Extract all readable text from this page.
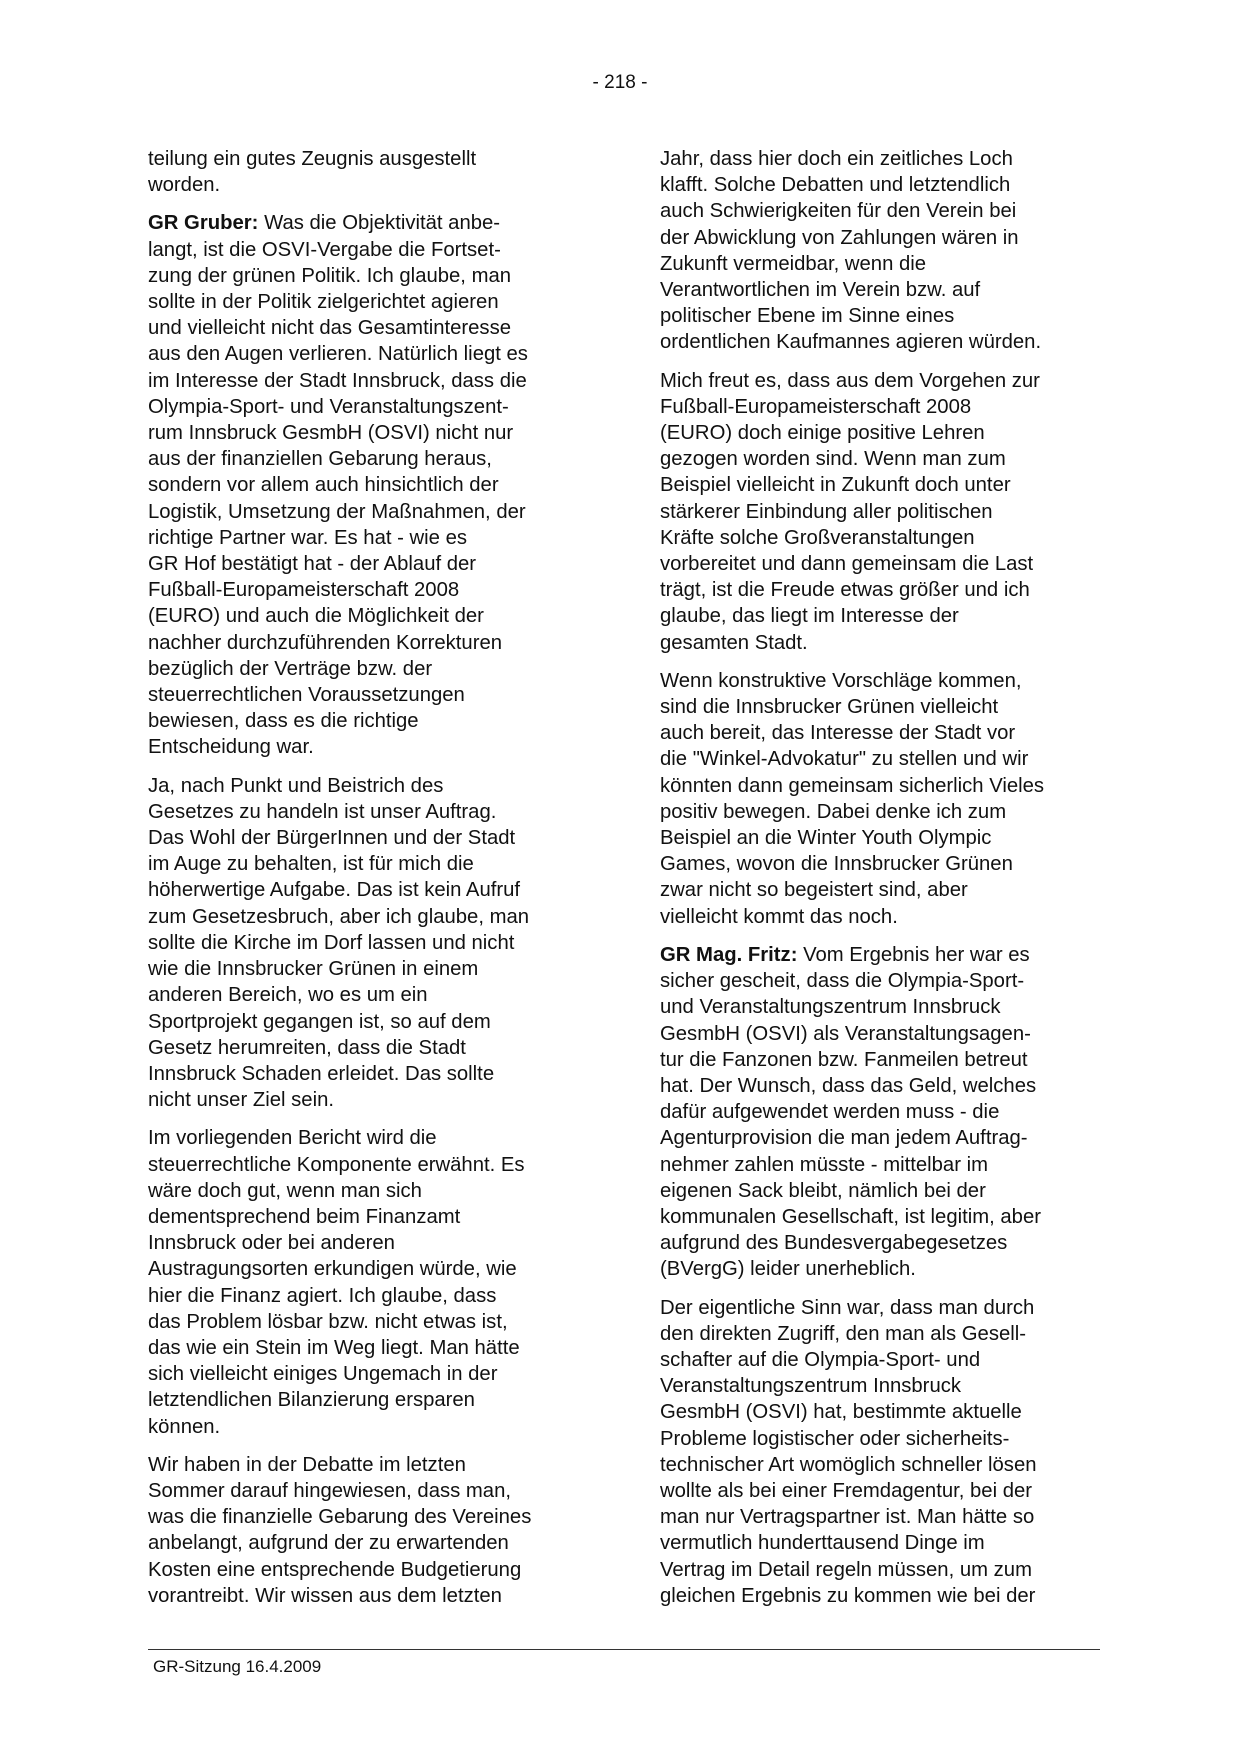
- 218 -

teilung ein gutes Zeugnis ausgestellt
worden.

GR Gruber: Was die Objektivität anbe-
langt, ist die OSVI-Vergabe die Fortset-
zung der grünen Politik. Ich glaube, man
sollte in der Politik zielgerichtet agieren
und vielleicht nicht das Gesamtinteresse
aus den Augen verlieren. Natürlich liegt es
im Interesse der Stadt Innsbruck, dass die
Olympia-Sport- und Veranstaltungszent-
rum Innsbruck GesmbH (OSVI) nicht nur
aus der finanziellen Gebarung heraus,
sondern vor allem auch hinsichtlich der
Logistik, Umsetzung der Maßnahmen, der
richtige Partner war. Es hat - wie es
GR Hof bestätigt hat - der Ablauf der
Fußball-Europameisterschaft 2008
(EURO) und auch die Möglichkeit der
nachher durchzuführenden Korrekturen
bezüglich der Verträge bzw. der
steuerrechtlichen Voraussetzungen
bewiesen, dass es die richtige
Entscheidung war.

Ja, nach Punkt und Beistrich des
Gesetzes zu handeln ist unser Auftrag.
Das Wohl der BürgerInnen und der Stadt
im Auge zu behalten, ist für mich die
höherwertige Aufgabe. Das ist kein Aufruf
zum Gesetzesbruch, aber ich glaube, man
sollte die Kirche im Dorf lassen und nicht
wie die Innsbrucker Grünen in einem
anderen Bereich, wo es um ein
Sportprojekt gegangen ist, so auf dem
Gesetz herumreiten, dass die Stadt
Innsbruck Schaden erleidet. Das sollte
nicht unser Ziel sein.

Im vorliegenden Bericht wird die
steuerrechtliche Komponente erwähnt. Es
wäre doch gut, wenn man sich
dementsprechend beim Finanzamt
Innsbruck oder bei anderen
Austragungsorten erkundigen würde, wie
hier die Finanz agiert. Ich glaube, dass
das Problem lösbar bzw. nicht etwas ist,
das wie ein Stein im Weg liegt. Man hätte
sich vielleicht einiges Ungemach in der
letztendlichen Bilanzierung ersparen
können.

Wir haben in der Debatte im letzten
Sommer darauf hingewiesen, dass man,
was die finanzielle Gebarung des Vereines
anbelangt, aufgrund der zu erwartenden
Kosten eine entsprechende Budgetierung
vorantreibt. Wir wissen aus dem letzten

Jahr, dass hier doch ein zeitliches Loch
klafft. Solche Debatten und letztendlich
auch Schwierigkeiten für den Verein bei
der Abwicklung von Zahlungen wären in
Zukunft vermeidbar, wenn die
Verantwortlichen im Verein bzw. auf
politischer Ebene im Sinne eines
ordentlichen Kaufmannes agieren würden.

Mich freut es, dass aus dem Vorgehen zur
Fußball-Europameisterschaft 2008
(EURO) doch einige positive Lehren
gezogen worden sind. Wenn man zum
Beispiel vielleicht in Zukunft doch unter
stärkerer Einbindung aller politischen
Kräfte solche Großveranstaltungen
vorbereitet und dann gemeinsam die Last
trägt, ist die Freude etwas größer und ich
glaube, das liegt im Interesse der
gesamten Stadt.

Wenn konstruktive Vorschläge kommen,
sind die Innsbrucker Grünen vielleicht
auch bereit, das Interesse der Stadt vor
die "Winkel-Advokatur" zu stellen und wir
könnten dann gemeinsam sicherlich Vieles
positiv bewegen. Dabei denke ich zum
Beispiel an die Winter Youth Olympic
Games, wovon die Innsbrucker Grünen
zwar nicht so begeistert sind, aber
vielleicht kommt das noch.

GR Mag. Fritz: Vom Ergebnis her war es
sicher gescheit, dass die Olympia-Sport-
und Veranstaltungszentrum Innsbruck
GesmbH (OSVI) als Veranstaltungsagen-
tur die Fanzonen bzw. Fanmeilen betreut
hat. Der Wunsch, dass das Geld, welches
dafür aufgewendet werden muss - die
Agenturprovision die man jedem Auftrag-
nehmer zahlen müsste - mittelbar im
eigenen Sack bleibt, nämlich bei der
kommunalen Gesellschaft, ist legitim, aber
aufgrund des Bundesvergabegesetzes
(BVergG) leider unerheblich.

Der eigentliche Sinn war, dass man durch
den direkten Zugriff, den man als Gesell-
schafter auf die Olympia-Sport- und
Veranstaltungszentrum Innsbruck
GesmbH (OSVI) hat, bestimmte aktuelle
Probleme logistischer oder sicherheits-
technischer Art womöglich schneller lösen
wollte als bei einer Fremdagentur, bei der
man nur Vertragspartner ist. Man hätte so
vermutlich hunderttausend Dinge im
Vertrag im Detail regeln müssen, um zum
gleichen Ergebnis zu kommen wie bei der

GR-Sitzung 16.4.2009
